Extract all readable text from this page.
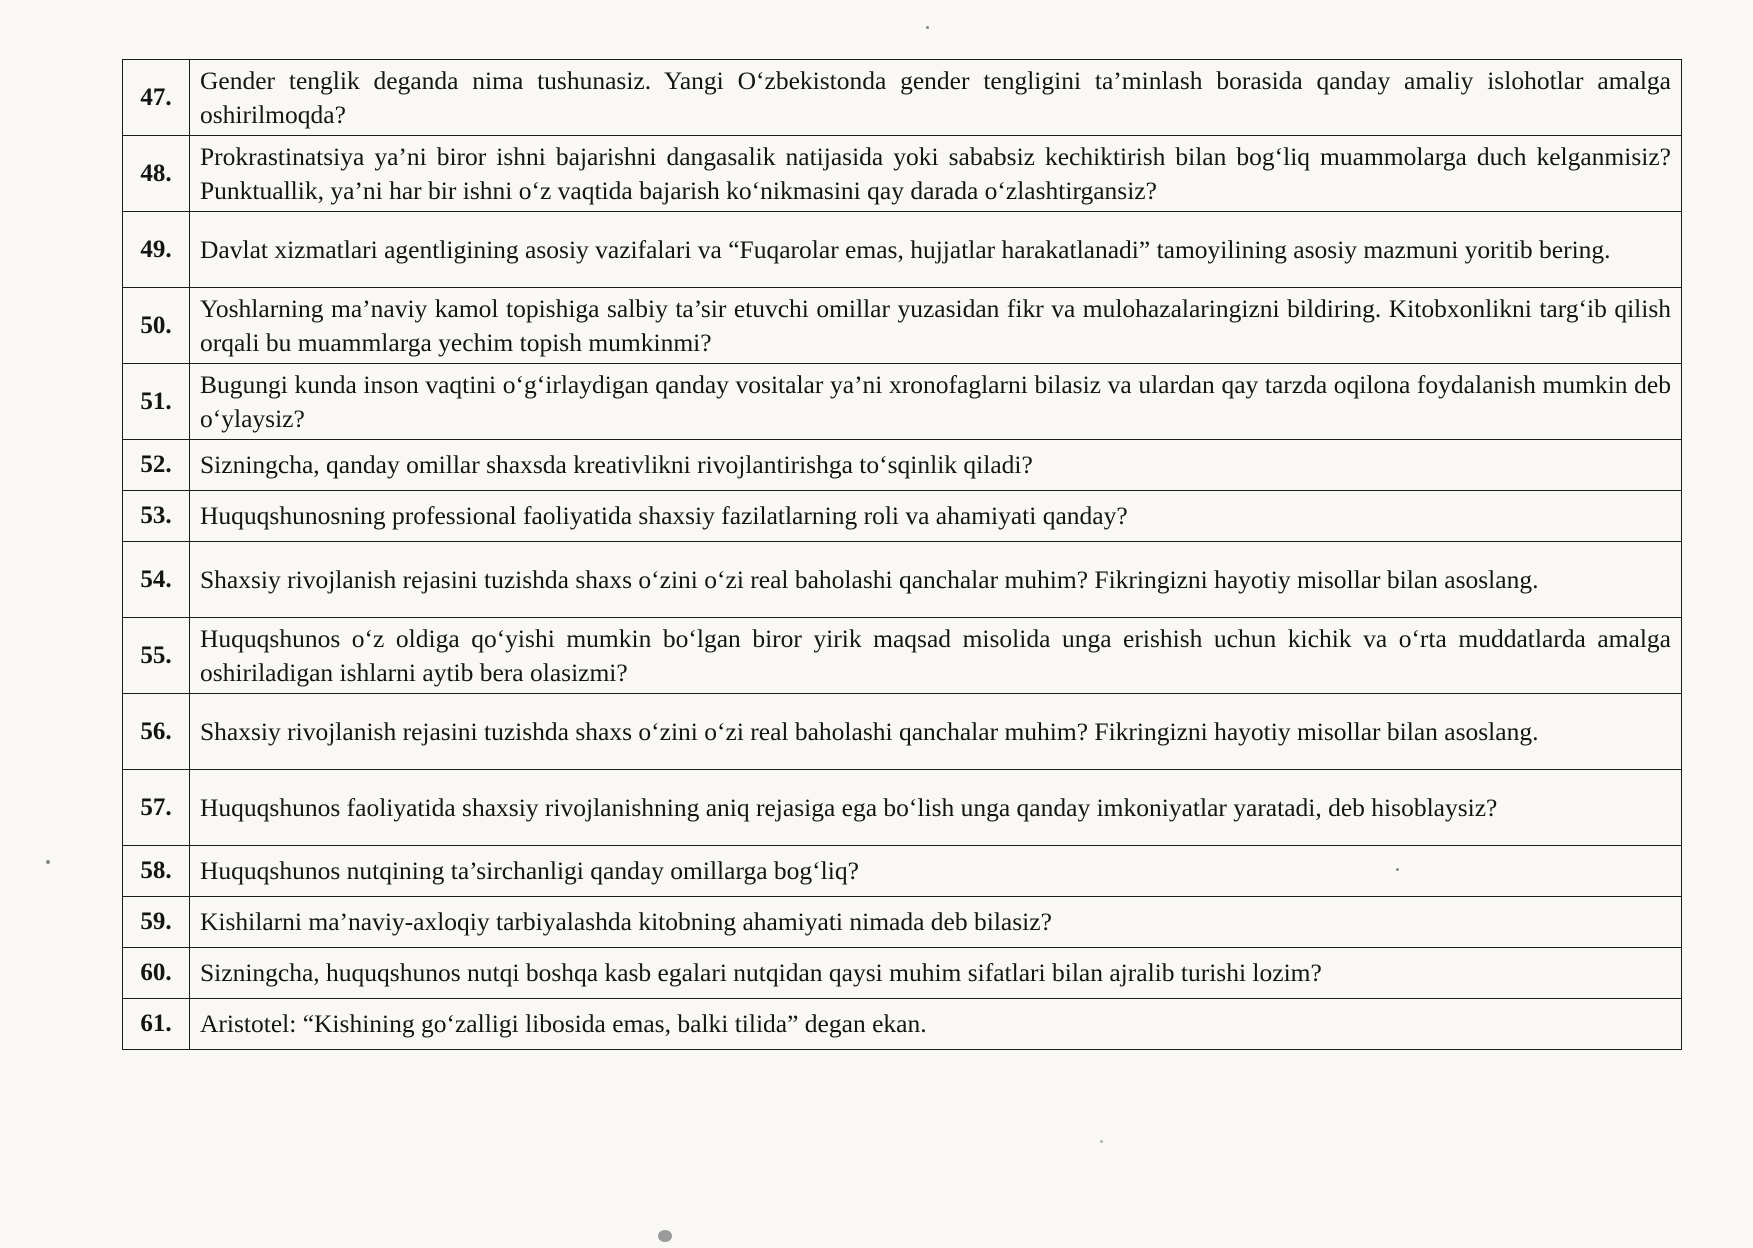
47.	Gender tenglik deganda nima tushunasiz. Yangi O‘zbekistonda gender tengligini ta’minlash borasida qanday amaliy islohotlar amalga oshirilmoqda?
48.	Prokrastinatsiya ya’ni biror ishni bajarishni dangasalik natijasida yoki sababsiz kechiktirish bilan bog‘liq muammolarga duch kelganmisiz? Punktuallik, ya’ni har bir ishni o‘z vaqtida bajarish ko‘nikmasini qay darada o‘zlashtirgansiz?
49.	Davlat xizmatlari agentligining asosiy vazifalari va “Fuqarolar emas, hujjatlar harakatlanadi” tamoyilining asosiy mazmuni yoritib bering.
50.	Yoshlarning ma’naviy kamol topishiga salbiy ta’sir etuvchi omillar yuzasidan fikr va mulohazalaringizni bildiring. Kitobxonlikni targ‘ib qilish orqali bu muammlarga yechim topish mumkinmi?
51.	Bugungi kunda inson vaqtini o‘g‘irlaydigan qanday vositalar ya’ni xronofaglarni bilasiz va ulardan qay tarzda oqilona foydalanish mumkin deb o‘ylaysiz?
52.	Sizningcha, qanday omillar shaxsda kreativlikni rivojlantirishga to‘sqinlik qiladi?
53.	Huquqshunosning professional faoliyatida shaxsiy fazilatlarning roli va ahamiyati qanday?
54.	Shaxsiy rivojlanish rejasini tuzishda shaxs o‘zini o‘zi real baholashi qanchalar muhim? Fikringizni hayotiy misollar bilan asoslang.
55.	Huquqshunos o‘z oldiga qo‘yishi mumkin bo‘lgan biror yirik maqsad misolida unga erishish uchun kichik va o‘rta muddatlarda amalga oshiriladigan ishlarni aytib bera olasizmi?
56.	Shaxsiy rivojlanish rejasini tuzishda shaxs o‘zini o‘zi real baholashi qanchalar muhim? Fikringizni hayotiy misollar bilan asoslang.
57.	Huquqshunos faoliyatida shaxsiy rivojlanishning aniq rejasiga ega bo‘lish unga qanday imkoniyatlar yaratadi, deb hisoblaysiz?
58.	Huquqshunos nutqining ta’sirchanligi qanday omillarga bog‘liq?
59.	Kishilarni ma’naviy-axloqiy tarbiyalashda kitobning ahamiyati nimada deb bilasiz?
60.	Sizningcha, huquqshunos nutqi boshqa kasb egalari nutqidan qaysi muhim sifatlari bilan ajralib turishi lozim?
61.	Aristotel: “Kishining go‘zalligi libosida emas, balki tilida” degan ekan.
